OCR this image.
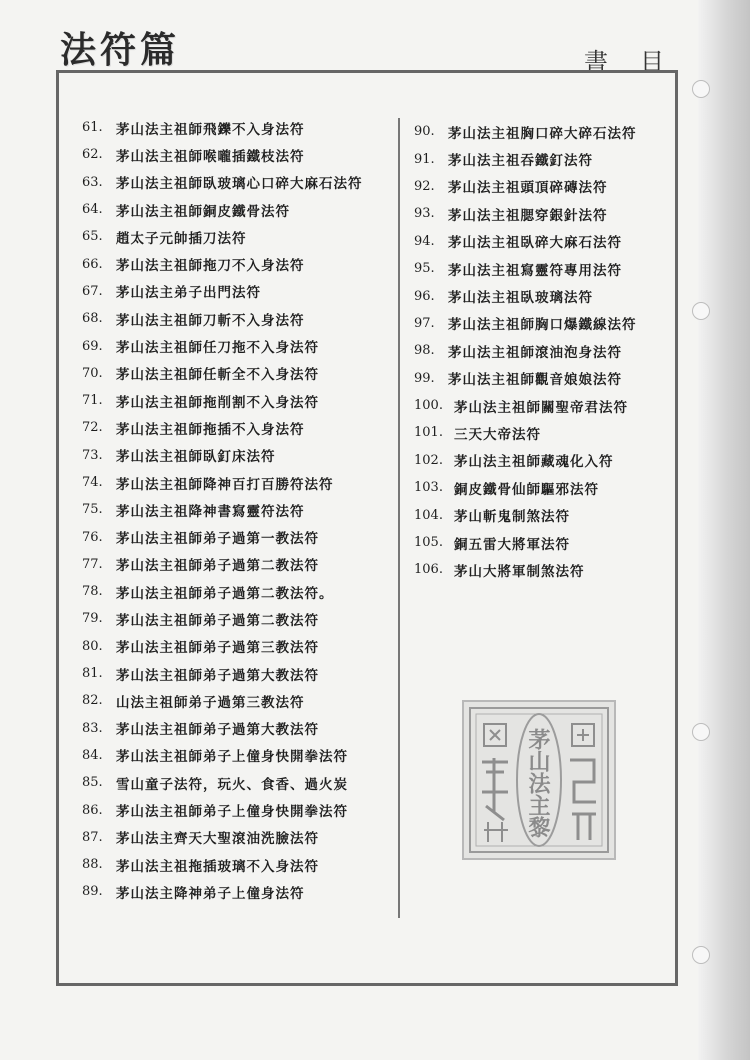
法符篇	書目
61. 茅山法主祖師飛鑠不入身法符
62. 茅山法主祖師喉嚨插鐵枝法符
63. 茅山法主祖師臥玻璃心口碎大麻石法符
64. 茅山法主祖師銅皮鐵骨法符
65. 趙太子元帥插刀法符
66. 茅山法主祖師拖刀不入身法符
67. 茅山法主弟子出門法符
68. 茅山法主祖師刀斬不入身法符
69. 茅山法主祖師任刀拖不入身法符
70. 茅山法主祖師任斬全不入身法符
71. 茅山法主祖師拖削割不入身法符
72. 茅山法主祖師拖插不入身法符
73. 茅山法主祖師臥釘床法符
74. 茅山法主祖師降神百打百勝符法符
75. 茅山法主祖降神書寫靈符法符
76. 茅山法主祖師弟子過第一教法符
77. 茅山法主祖師弟子過第二教法符
78. 茅山法主祖師弟子過第二教法符。
79. 茅山法主祖師弟子過第二教法符
80. 茅山法主祖師弟子過第三教法符
81. 茅山法主祖師弟子過第大教法符
82. 山法主祖師弟子過第三教法符
83. 茅山法主祖師弟子過第大教法符
84. 茅山法主祖師弟子上僮身快開拳法符
85. 雪山童子法符，玩火、食香、過火炭
86. 茅山法主祖師弟子上僮身快開拳法符
87. 茅山法主齊天大聖滾油洗臉法符
88. 茅山法主祖拖插玻璃不入身法符
89. 茅山法主降神弟子上僮身法符
90. 茅山法主祖胸口碎大碎石法符
91. 茅山法主祖吞鐵釘法符
92. 茅山法主祖頭頂碎磚法符
93. 茅山法主祖腮穿銀針法符
94. 茅山法主祖臥碎大麻石法符
95. 茅山法主祖寫靈符專用法符
96. 茅山法主祖臥玻璃法符
97. 茅山法主祖師胸口爆鐵線法符
98. 茅山法主祖師滾油泡身法符
99. 茅山法主祖師觀音娘娘法符
100. 茅山法主祖師關聖帝君法符
101. 三天大帝法符
102. 茅山法主祖師藏魂化入符
103. 銅皮鐵骨仙師驅邪法符
104. 茅山斬鬼制煞法符
105. 銅五雷大將軍法符
106. 茅山大將軍制煞法符
茅山法主黎
